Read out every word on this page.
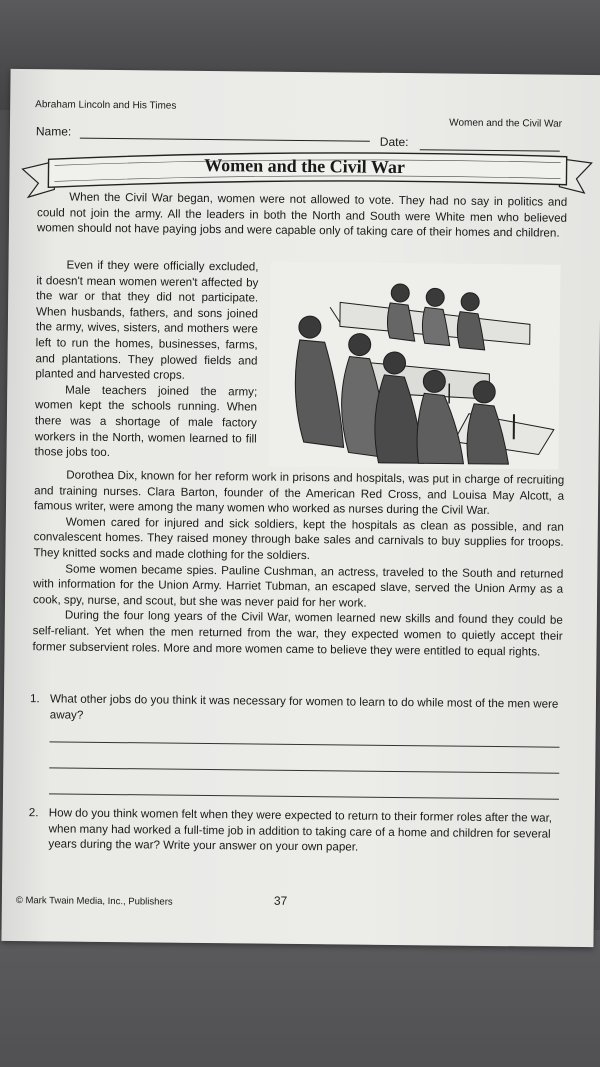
Abraham Lincoln and His Times
Women and the Civil War
Name:
Date:
Women and the Civil War

When the Civil War began, women were not allowed to vote. They had no say in politics and could not join the army. All the leaders in both the North and South were White men who believed women should not have paying jobs and were capable only of taking care of their homes and children.

Even if they were officially excluded, it doesn't mean women weren't affected by the war or that they did not participate. When husbands, fathers, and sons joined the army, wives, sisters, and mothers were left to run the homes, businesses, farms, and plantations. They plowed fields and planted and harvested crops.

Male teachers joined the army; women kept the schools running. When there was a shortage of male factory workers in the North, women learned to fill those jobs too.

Dorothea Dix, known for her reform work in prisons and hospitals, was put in charge of recruiting and training nurses. Clara Barton, founder of the American Red Cross, and Louisa May Alcott, a famous writer, were among the many women who worked as nurses during the Civil War.

Women cared for injured and sick soldiers, kept the hospitals as clean as possible, and ran convalescent homes. They raised money through bake sales and carnivals to buy supplies for troops. They knitted socks and made clothing for the soldiers.

Some women became spies. Pauline Cushman, an actress, traveled to the South and returned with information for the Union Army. Harriet Tubman, an escaped slave, served the Union Army as a cook, spy, nurse, and scout, but she was never paid for her work.

During the four long years of the Civil War, women learned new skills and found they could be self-reliant. Yet when the men returned from the war, they expected women to quietly accept their former subservient roles. More and more women came to believe they were entitled to equal rights.

1. What other jobs do you think it was necessary for women to learn to do while most of the men were away?
2. How do you think women felt when they were expected to return to their former roles after the war, when many had worked a full-time job in addition to taking care of a home and children for several years during the war? Write your answer on your own paper.
© Mark Twain Media, Inc., Publishers	37
